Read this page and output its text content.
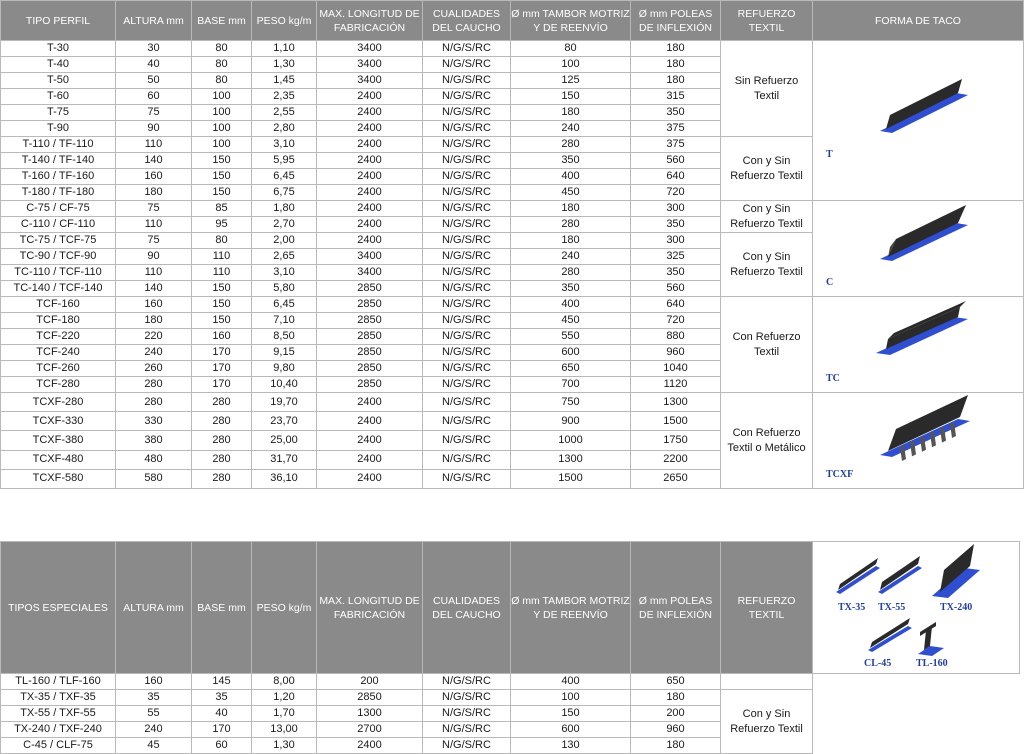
TIPO PERFIL	ALTURA mm	BASE mm	PESO kg/m	MAX. LONGITUD DE FABRICACIÓN	CUALIDADES DEL CAUCHO	Ø mm TAMBOR MOTRIZ Y DE REENVÍO	Ø mm POLEAS DE INFLEXIÓN	REFUERZO TEXTIL	FORMA DE TACO
T-30	30	80	1,10	3400	N/G/S/RC	80	180	Sin Refuerzo Textil	T

T-40	40	80	1,30	3400	N/G/S/RC	100	180		
T-50	50	80	1,45	3400	N/G/S/RC	125	180		
T-60	60	100	2,35	2400	N/G/S/RC	150	315		
T-75	75	100	2,55	2400	N/G/S/RC	180	350		
T-90	90	100	2,80	2400	N/G/S/RC	240	375		
T-110 / TF-110	110	100	3,10	2400	N/G/S/RC	280	375	Con y Sin Refuerzo Textil	
T-140 / TF-140	140	150	5,95	2400	N/G/S/RC	350	560		
T-160 / TF-160	160	150	6,45	2400	N/G/S/RC	400	640		
T-180 / TF-180	180	150	6,75	2400	N/G/S/RC	450	720		
C-75 / CF-75	75	85	1,80	2400	N/G/S/RC	180	300	Con y Sin Refuerzo Textil	C

C-110 / CF-110	110	95	2,70	2400	N/G/S/RC	280	350		
TC-75 / TCF-75	75	80	2,00	2400	N/G/S/RC	180	300	Con y Sin Refuerzo Textil	
TC-90 / TCF-90	90	110	2,65	3400	N/G/S/RC	240	325		
TC-110 / TCF-110	110	110	3,10	3400	N/G/S/RC	280	350		
TC-140 / TCF-140	140	150	5,80	2850	N/G/S/RC	350	560		
TCF-160	160	150	6,45	2850	N/G/S/RC	400	640	Con Refuerzo Textil	TC

TCF-180	180	150	7,10	2850	N/G/S/RC	450	720		
TCF-220	220	160	8,50	2850	N/G/S/RC	550	880		
TCF-240	240	170	9,15	2850	N/G/S/RC	600	960		
TCF-260	260	170	9,80	2850	N/G/S/RC	650	1040		
TCF-280	280	170	10,40	2850	N/G/S/RC	700	1120		
TCXF-280	280	280	19,70	2400	N/G/S/RC	750	1300	Con Refuerzo Textil o Metálico	TCXF

TCXF-330	330	280	23,70	2400	N/G/S/RC	900	1500		
TCXF-380	380	280	25,00	2400	N/G/S/RC	1000	1750		
TCXF-480	480	280	31,70	2400	N/G/S/RC	1300	2200		
TCXF-580	580	280	36,10	2400	N/G/S/RC	1500	2650		
TIPOS ESPECIALES	ALTURA mm	BASE mm	PESO kg/m	MAX. LONGITUD DE FABRICACIÓN	CUALIDADES DEL CAUCHO	Ø mm TAMBOR MOTRIZ Y DE REENVÍO	Ø mm POLEAS DE INFLEXIÓN	REFUERZO TEXTIL	TX-35 TX-55 TX-240
CL-45 TL-160

TL-160 / TLF-160	160	145	8,00	200	N/G/S/RC	400	650		
TX-35 / TXF-35	35	35	1,20	2850	N/G/S/RC	100	180	Con y Sin Refuerzo Textil	
TX-55 / TXF-55	55	40	1,70	1300	N/G/S/RC	150	200		
TX-240 / TXF-240	240	170	13,00	2700	N/G/S/RC	600	960		
C-45 / CLF-75	45	60	1,30	2400	N/G/S/RC	130	180		
